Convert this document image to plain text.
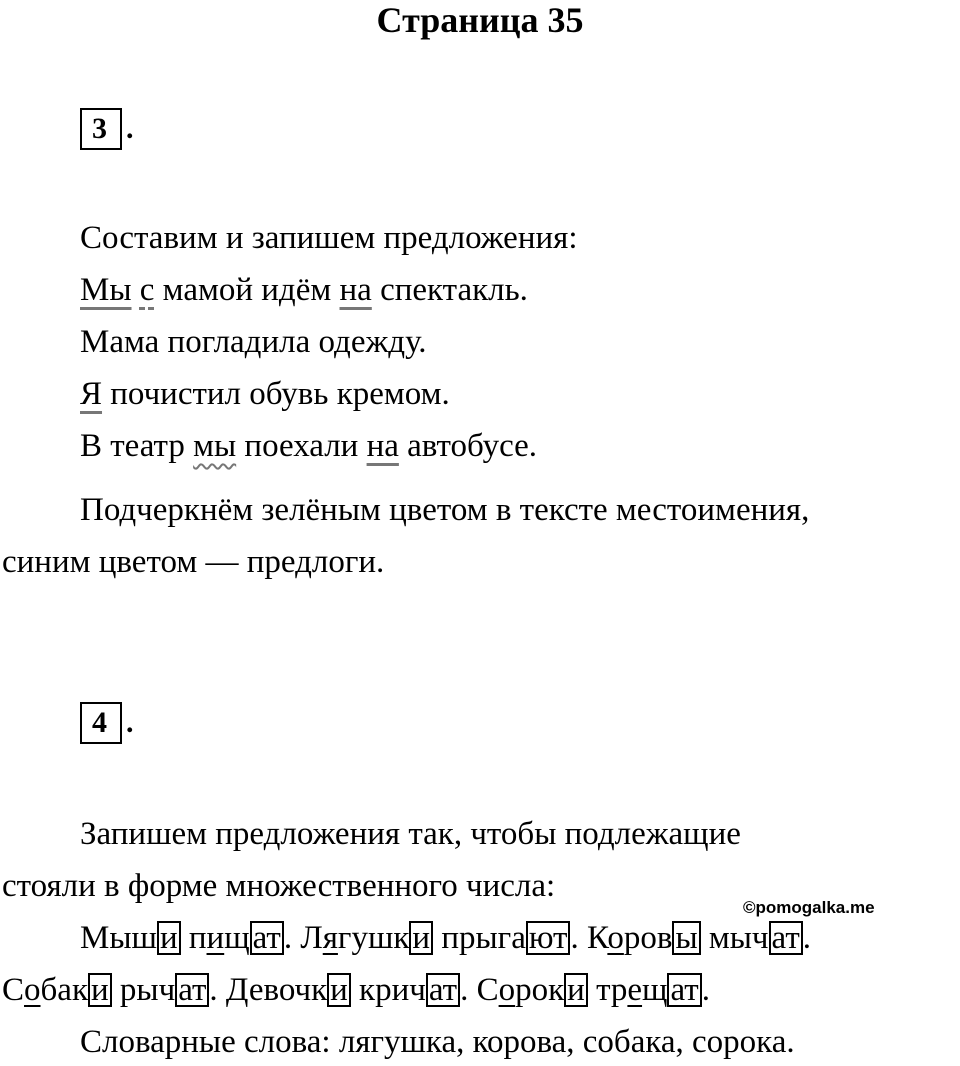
Страница 35
3 .
Составим и запишем предложения:
Мы с мамой идём на спектакль.
Мама погладила одежду.
Я почистил обувь кремом.
В театр мы поехали на автобусе.
Подчеркнём зелёным цветом в тексте местоимения,
синим цветом — предлоги.
4 .
Запишем предложения так, чтобы подлежащие
стояли в форме множественного числа:
©pomogalka.me
Мыши пищат. Лягушки прыгают. Коровы мычат.
Собаки рычат. Девочки кричат. Сороки трещат.
Словарные слова: лягушка, корова, собака, сорока.
